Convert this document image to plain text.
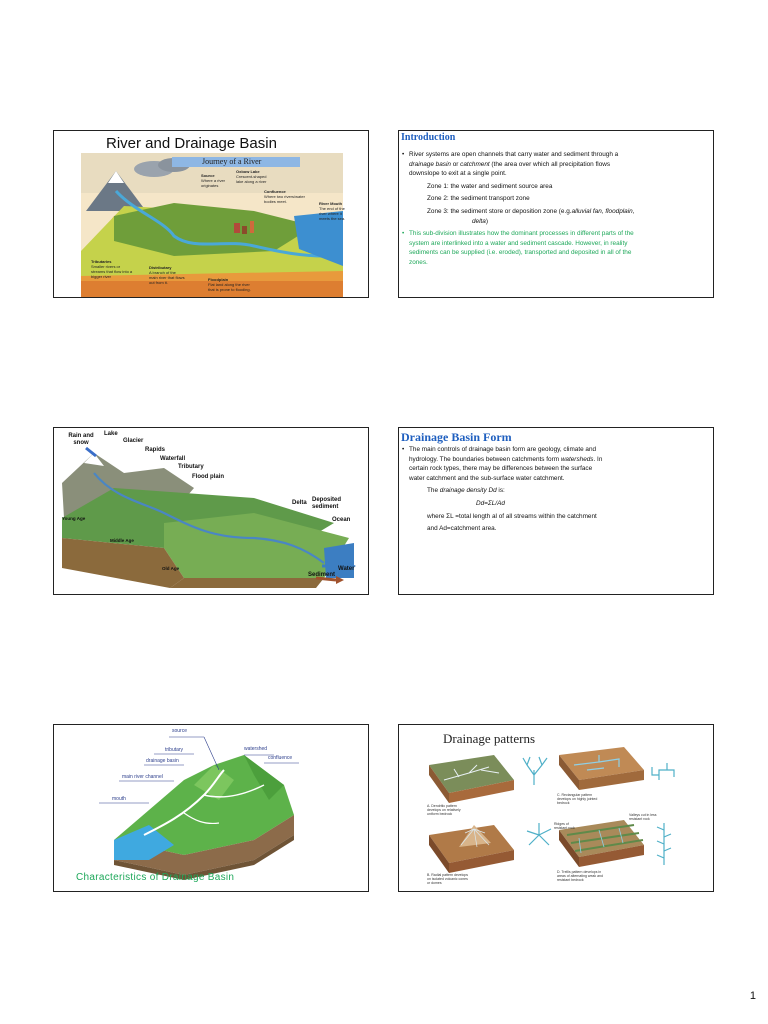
River and Drainage Basin
Journey of a River
Source
Where a river originates
Oxbow Lake
Crescent-shaped lake along a river
Confluence
Where two rivers/water bodies meet.	River Mouth
The end of the river where it meets the sea.
Tributaries
Smaller rivers or streams that flow into a bigger river
Distributary
A branch of the main river that flows out from it.
Floodplain
Flat land along the river that is prone to flooding.
Introduction

• River systems are open channels that carry water and sediment through a
drainage basin or catchment (the area over which all precipitation flows
downslope to exit at a single point.

Zone 1: the water and sediment source area

Zone 2: the sediment transport zone

Zone 3: the sediment store or deposition zone (e.g.alluvial fan, floodplain,
delta)

• This sub-division illustrates how the dominant processes in different parts of the
system are interlinked into a water and sediment cascade. However, in reality
sediments can be supplied (i.e. eroded), transported and deposited in all of the
zones.

Rain and snow
Lake
Glacier
Rapids
Waterfall
Tributary
Flood plain
Delta Deposited sediment
Ocean
Water
Sediment
Young Age
Middle Age
Old Age
Drainage Basin Form

• The main controls of drainage basin form are geology, climate and
hydrology. The boundaries between catchments form watersheds. In
certain rock types, there may be differences between the surface
water catchment and the sub-surface water catchment.

The drainage density Dd is:

Dd=ΣL/Ad

where ΣL =total length al of all streams within the catchment

and Ad=catchment area.

source
tributary
drainage basin
main river channel
mouth
watershed
confluence

Characteristics of Drainage Basin

Drainage patterns
A. Dendritic pattern develops on relatively uniform bedrock
C. Rectangular pattern develops on highly jointed bedrock
B. Radial pattern develops on isolated volcanic cones or domes
D. Trellis pattern develops in areas of alternating weak and resistant bedrock
Ridges of resistant rock
Valleys cut in less resistant rock
1
